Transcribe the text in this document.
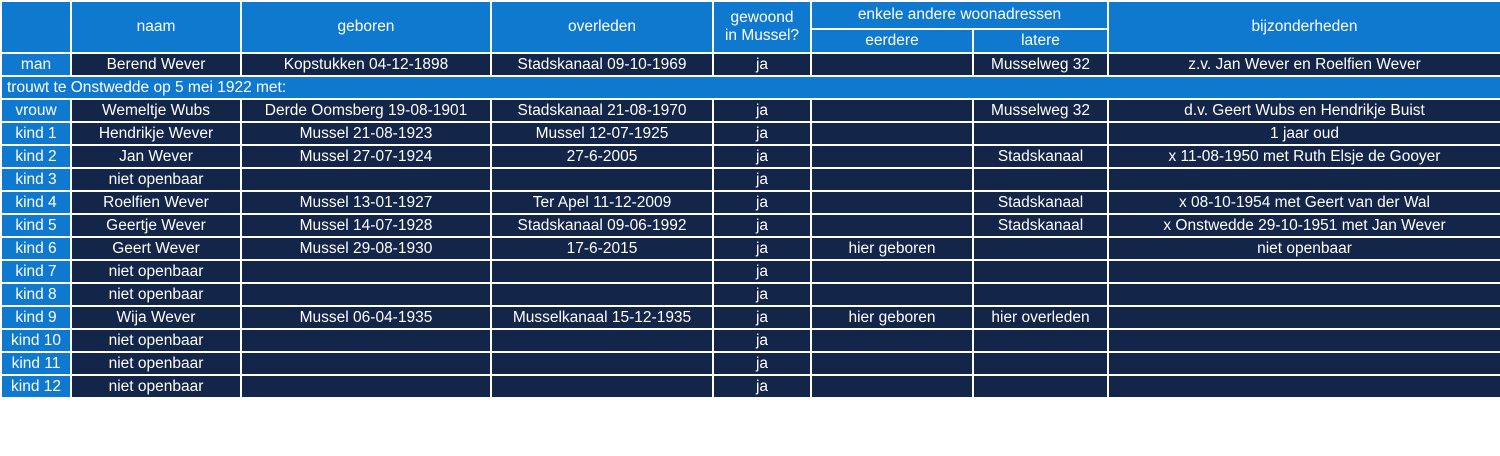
	naam	geboren	overleden	gewoond
in Mussel?	enkele andere woonadressen		bijzonderheden
					eerdere	latere	
man	Berend Wever	Kopstukken 04-12-1898	Stadskanaal 09-10-1969	ja		Musselweg 32	z.v. Jan Wever en Roelfien Wever
trouwt te Onstwedde op 5 mei 1922 met:							
vrouw	Wemeltje Wubs	Derde Oomsberg 19-08-1901	Stadskanaal 21-08-1970	ja		Musselweg 32	d.v. Geert Wubs en Hendrikje Buist
kind 1	Hendrikje Wever	Mussel 21-08-1923	Mussel 12-07-1925	ja			1 jaar oud
kind 2	Jan Wever	Mussel 27-07-1924	27-6-2005	ja		Stadskanaal	x 11-08-1950 met Ruth Elsje de Gooyer
kind 3	niet openbaar			ja			
kind 4	Roelfien Wever	Mussel 13-01-1927	Ter Apel 11-12-2009	ja		Stadskanaal	x 08-10-1954 met Geert van der Wal
kind 5	Geertje Wever	Mussel 14-07-1928	Stadskanaal 09-06-1992	ja		Stadskanaal	x Onstwedde 29-10-1951 met Jan Wever
kind 6	Geert Wever	Mussel 29-08-1930	17-6-2015	ja	hier geboren		niet openbaar
kind 7	niet openbaar			ja			
kind 8	niet openbaar			ja			
kind 9	Wija Wever	Mussel 06-04-1935	Musselkanaal 15-12-1935	ja	hier geboren	hier overleden	
kind 10	niet openbaar			ja			
kind 11	niet openbaar			ja			
kind 12	niet openbaar			ja			
